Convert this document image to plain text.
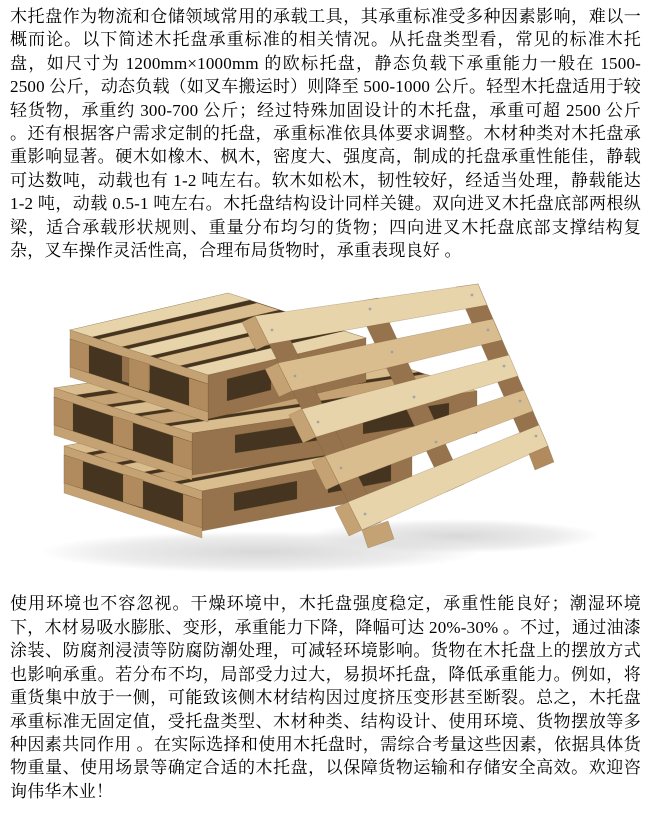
木托盘作为物流和仓储领域常用的承载工具，其承重标准受多种因素影响，难以一概而论。以下简述木托盘承重标准的相关情况。从托盘类型看，常见的标准木托盘，如尺寸为 1200mm×1000mm 的欧标托盘，静态负载下承重能力一般在 1500-2500 公斤，动态负载（如叉车搬运时）则降至 500-1000 公斤。轻型木托盘适用于较轻货物，承重约 300-700 公斤；经过特殊加固设计的木托盘，承重可超 2500 公斤 。还有根据客户需求定制的托盘，承重标准依具体要求调整。木材种类对木托盘承重影响显著。硬木如橡木、枫木，密度大、强度高，制成的托盘承重性能佳，静载可达数吨，动载也有 1-2 吨左右。软木如松木，韧性较好，经适当处理，静载能达 1-2 吨，动载 0.5-1 吨左右。木托盘结构设计同样关键。双向进叉木托盘底部两根纵梁，适合承载形状规则、重量分布均匀的货物；四向进叉木托盘底部支撑结构复杂，叉车操作灵活性高，合理布局货物时，承重表现良好 。

使用环境也不容忽视。干燥环境中，木托盘强度稳定，承重性能良好；潮湿环境下，木材易吸水膨胀、变形，承重能力下降，降幅可达 20%-30% 。不过，通过油漆涂装、防腐剂浸渍等防腐防潮处理，可减轻环境影响。货物在木托盘上的摆放方式也影响承重。若分布不均，局部受力过大，易损坏托盘，降低承重能力。例如，将重货集中放于一侧，可能致该侧木材结构因过度挤压变形甚至断裂。总之，木托盘承重标准无固定值，受托盘类型、木材种类、结构设计、使用环境、货物摆放等多种因素共同作用 。在实际选择和使用木托盘时，需综合考量这些因素，依据具体货物重量、使用场景等确定合适的木托盘，以保障货物运输和存储安全高效。欢迎咨询伟华木业！
